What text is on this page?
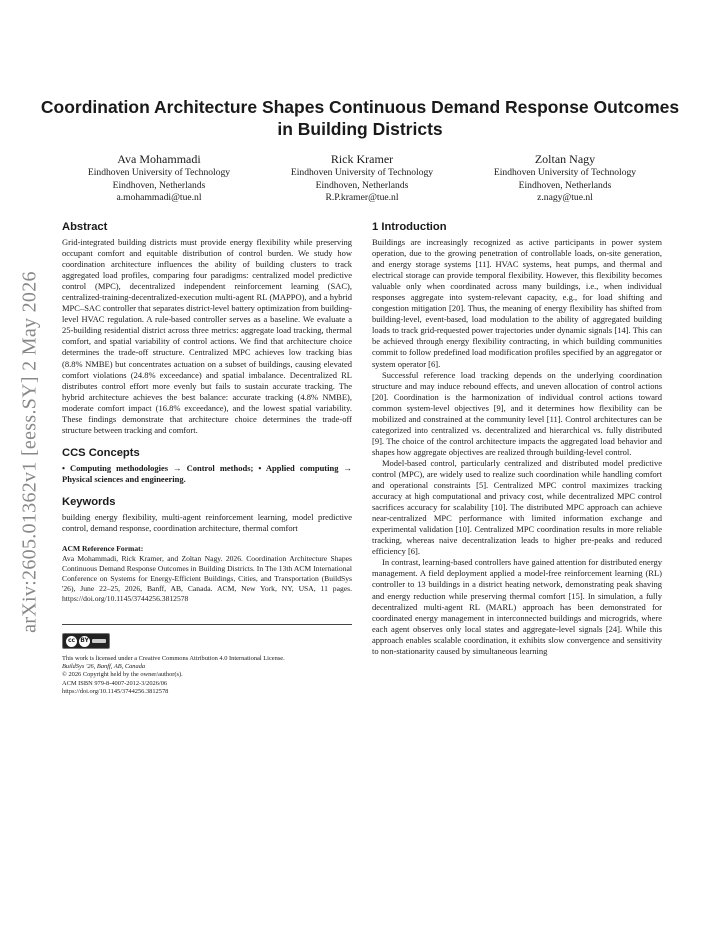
Coordination Architecture Shapes Continuous Demand Response Outcomes in Building Districts
Ava Mohammadi
Eindhoven University of Technology
Eindhoven, Netherlands
a.mohammadi@tue.nl
Rick Kramer
Eindhoven University of Technology
Eindhoven, Netherlands
R.P.kramer@tue.nl
Zoltan Nagy
Eindhoven University of Technology
Eindhoven, Netherlands
z.nagy@tue.nl
arXiv:2605.01362v1 [eess.SY] 2 May 2026
Abstract

Grid-integrated building districts must provide energy flexibility while preserving occupant comfort and equitable distribution of control burden. We study how coordination architecture influences the ability of building clusters to track aggregated load profiles, comparing four paradigms: centralized model predictive control (MPC), decentralized independent reinforcement learning (SAC), centralized-training-decentralized-execution multi-agent RL (MAPPO), and a hybrid MPC–SAC controller that separates district-level battery optimization from building-level HVAC regulation. A rule-based controller serves as a baseline. We evaluate a 25-building residential district across three metrics: aggregate load tracking, thermal comfort, and spatial variability of control actions. We find that architecture choice determines the trade-off structure. Centralized MPC achieves low tracking bias (8.8% NMBE) but concentrates actuation on a subset of buildings, causing elevated comfort violations (24.8% exceedance) and spatial imbalance. Decentralized RL distributes control effort more evenly but fails to sustain accurate tracking. The hybrid architecture achieves the best balance: accurate tracking (4.8% NMBE), moderate comfort impact (16.8% exceedance), and the lowest spatial variability. These findings demonstrate that architecture choice determines the trade-off structure between tracking and comfort.

CCS Concepts
• Computing methodologies → Control methods; • Applied computing → Physical sciences and engineering.
Keywords

building energy flexibility, multi-agent reinforcement learning, model predictive control, demand response, coordination architecture, thermal comfort

ACM Reference Format:
Ava Mohammadi, Rick Kramer, and Zoltan Nagy. 2026. Coordination Architecture Shapes Continuous Demand Response Outcomes in Building Districts. In The 13th ACM International Conference on Systems for Energy-Efficient Buildings, Cities, and Transportation (BuildSys '26), June 22–25, 2026, Banff, AB, Canada. ACM, New York, NY, USA, 11 pages. https://doi.org/10.1145/3744256.3812578
cc BY
This work is licensed under a Creative Commons Attribution 4.0 International License.
BuildSys '26, Banff, AB, Canada
© 2026 Copyright held by the owner/author(s).
ACM ISBN 979-8-4007-2012-3/2026/06
https://doi.org/10.1145/3744256.3812578
1 Introduction

Buildings are increasingly recognized as active participants in power system operation, due to the growing penetration of controllable loads, on-site generation, and energy storage systems [11]. HVAC systems, heat pumps, and thermal and electrical storage can provide temporal flexibility. However, this flexibility becomes valuable only when coordinated across many buildings, i.e., when individual responses aggregate into system-relevant capacity, e.g., for load shifting and congestion mitigation [20]. Thus, the meaning of energy flexibility has shifted from building-level, event-based, load modulation to the ability of aggregated building loads to track grid-requested power trajectories under dynamic signals [14]. This can be achieved through energy flexibility contracting, in which building communities commit to follow predefined load modification profiles specified by an aggregator or system operator [6].

Successful reference load tracking depends on the underlying coordination structure and may induce rebound effects, and uneven allocation of control actions [20]. Coordination is the harmonization of individual control actions toward common system-level objectives [9], and it determines how flexibility can be mobilized and constrained at the community level [11]. Control architectures can be categorized into centralized vs. decentralized and hierarchical vs. fully distributed [9]. The choice of the control architecture impacts the aggregated load behavior and shapes how aggregate objectives are realized through building-level control.

Model-based control, particularly centralized and distributed model predictive control (MPC), are widely used to realize such coordination while handling comfort and operational constraints [5]. Centralized MPC control maximizes tracking accuracy at high computational and privacy cost, while decentralized MPC control sacrifices accuracy for scalability [10]. The distributed MPC approach can achieve near-centralized MPC performance with limited information exchange and experimental validation [10]. Centralized MPC coordination results in more reliable tracking, whereas naive decentralization leads to higher pre-peaks and reduced efficiency [6].

In contrast, learning-based controllers have gained attention for distributed energy management. A field deployment applied a model-free reinforcement learning (RL) controller to 13 buildings in a district heating network, demonstrating peak shaving and energy reduction while preserving thermal comfort [15]. In simulation, a fully decentralized multi-agent RL (MARL) approach has been demonstrated for coordinated energy management in interconnected buildings and microgrids, where each agent observes only local states and aggregate-level signals [24]. While this approach enables scalable coordination, it exhibits slow convergence and sensitivity to non-stationarity caused by simultaneous learning
